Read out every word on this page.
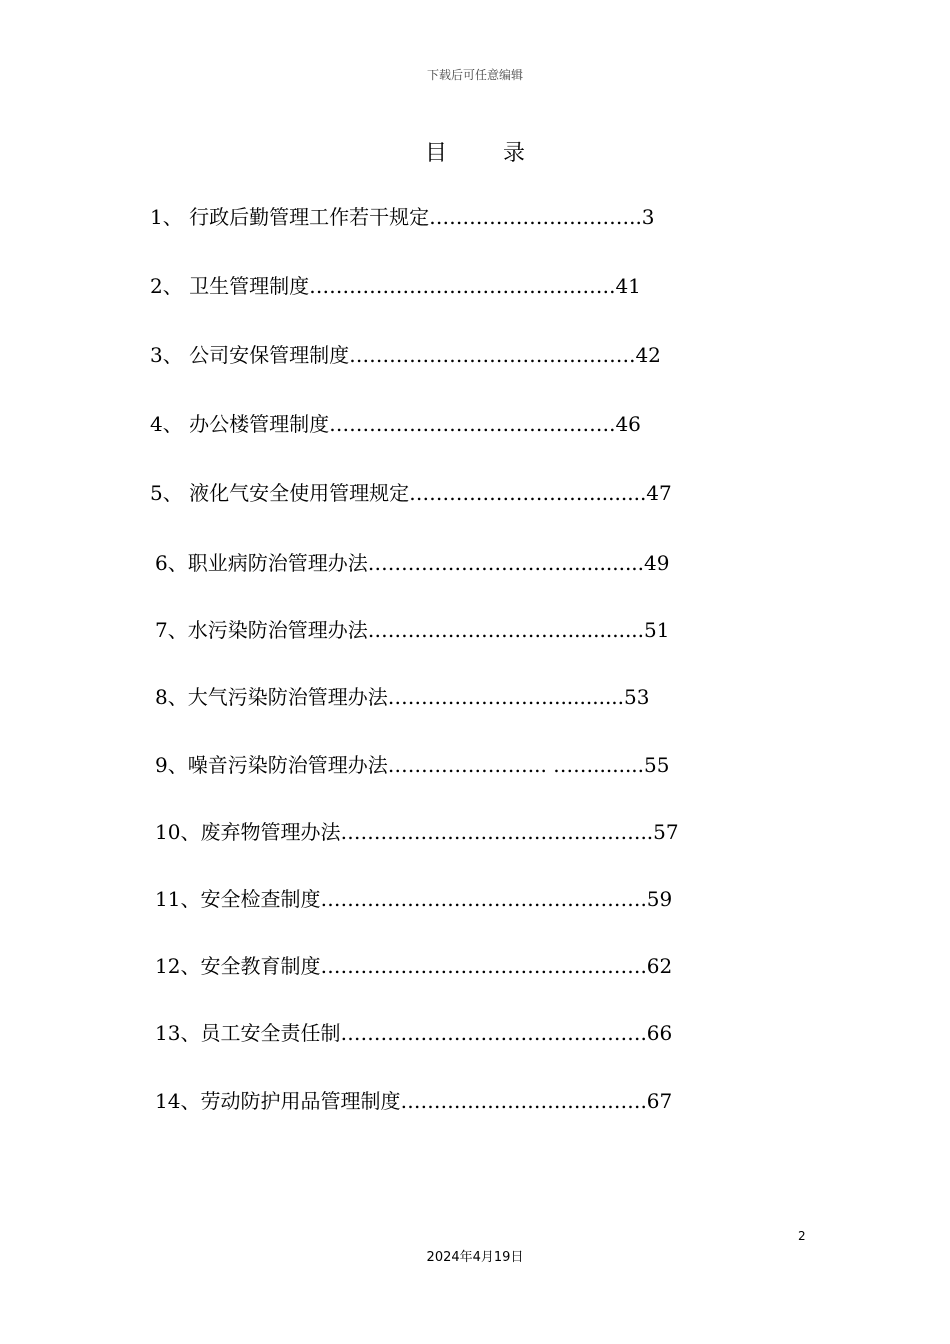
下载后可任意编辑
目	录
1、 行政后勤管理工作若干规定…………………………..3
2、 卫生管理制度……………………………………….41
3、 公司安保管理制度…………………………………….42
4、 办公楼管理制度…………………………………….46
5、 液化气安全使用管理规定……………………….........47
6、职业病防治管理办法…………………………............49
7、水污染防治管理办法…………………………............51
8、大气污染防治管理办法……………………............53
9、噪音污染防治管理办法…………………... ……........55
10、废弃物管理办法………………………………………..57
11、安全检查制度………………………………………….59
12、安全教育制度………………………………………….62
13、员工安全责任制……………………………………….66
14、劳动防护用品管理制度……………………………….67
2
2024年4月19日
